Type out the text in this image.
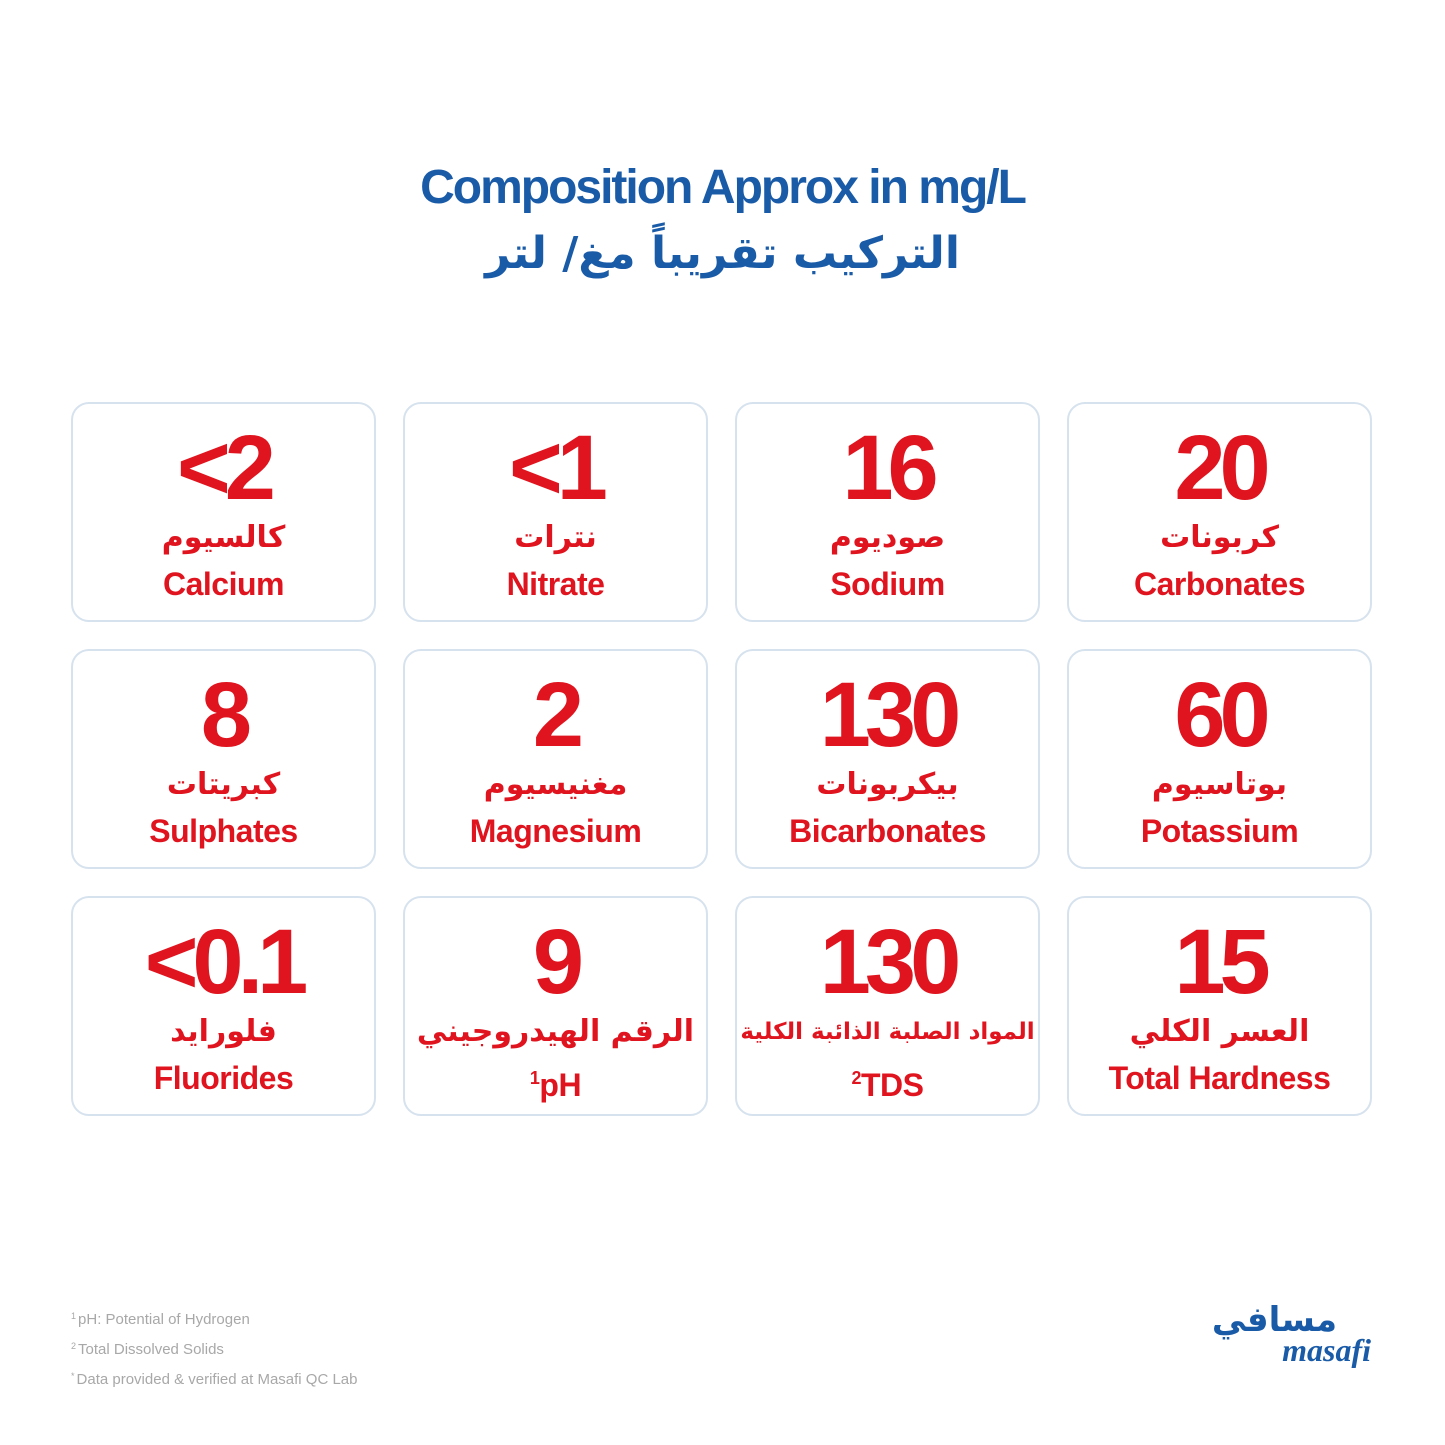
Composition Approx in mg/L
التركيب تقريباً مغ/ لتر
<2
كالسيوم
Calcium
<1
نترات
Nitrate
16
صوديوم
Sodium
20
كربونات
Carbonates
8
كبريتات
Sulphates
2
مغنيسيوم
Magnesium
130
بيكربونات
Bicarbonates
60
بوتاسيوم
Potassium
<0.1
فلورايد
Fluorides
9
الرقم الهيدروجيني
$^1$pH
130
المواد الصلبة الذائبة الكلية
$^2$TDS
15
العسر الكلي
Total Hardness
$^1$ pH: Potential of Hydrogen
$^2$ Total Dissolved Solids
* Data provided & verified at Masafi QC Lab
مسافي
masafi
